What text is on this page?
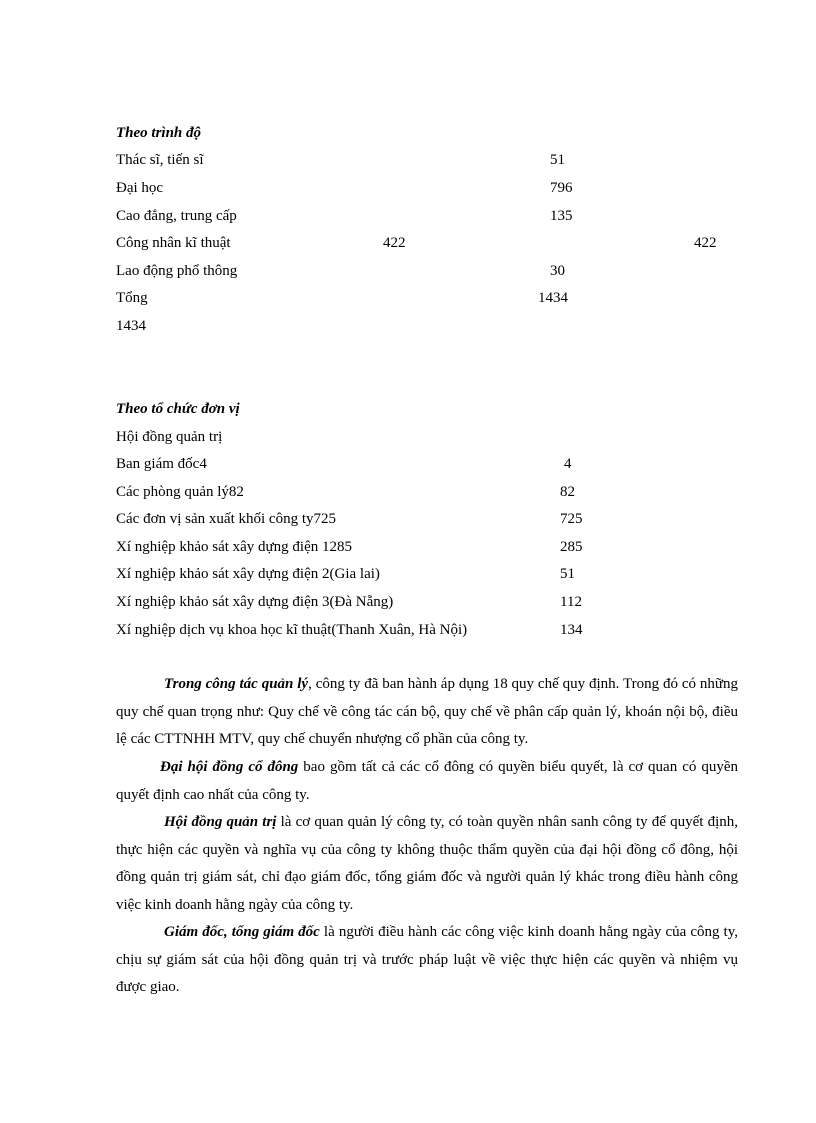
Theo trình độ
Thác sĩ, tiến sĩ	51
Đại học	796
Cao đẳng, trung cấp	135
Công nhân kĩ thuật	422	422
Lao động phổ thông	30
Tổng	1434
1434
Theo tổ chức đơn vị
Hội đồng quản trị
Ban giám đốc4	4
Các phòng quản lý82	82
Các đơn vị sản xuất khối công ty725	725
Xí nghiệp khảo sát xây dựng điện 1285	285
Xí nghiệp khảo sát xây dựng điện 2(Gia lai)	51
Xí nghiệp khảo sát xây dựng điện 3(Đà Nẵng)	112
Xí nghiệp dịch vụ khoa học kĩ thuật(Thanh Xuân, Hà Nội)	134

Trong công tác quản lý, công ty đã ban hành áp dụng 18 quy chế quy định. Trong đó có những quy chế quan trọng như: Quy chế về công tác cán bộ, quy chế về phân cấp quản lý, khoán nội bộ, điều lệ các CTTNHH MTV, quy chế chuyển nhượng cổ phần của công ty.

Đại hội đồng cổ đông bao gồm tất cả các cổ đông có quyền biểu quyết, là cơ quan có quyền quyết định cao nhất của công ty.

Hội đồng quản trị là cơ quan quản lý công ty, có toàn quyền nhân sanh công ty để quyết định, thực hiện các quyền và nghĩa vụ của công ty không thuộc thẩm quyền của đại hội đồng cổ đông, hội đồng quản trị giám sát, chỉ đạo giám đốc, tổng giám đốc và người quản lý khác trong điều hành công việc kinh doanh hằng ngày của công ty.

Giám đốc, tổng giám đốc là người điều hành các công việc kinh doanh hằng ngày của công ty, chịu sự giám sát của hội đồng quản trị và trước pháp luật về việc thực hiện các quyền và nhiệm vụ được giao.
